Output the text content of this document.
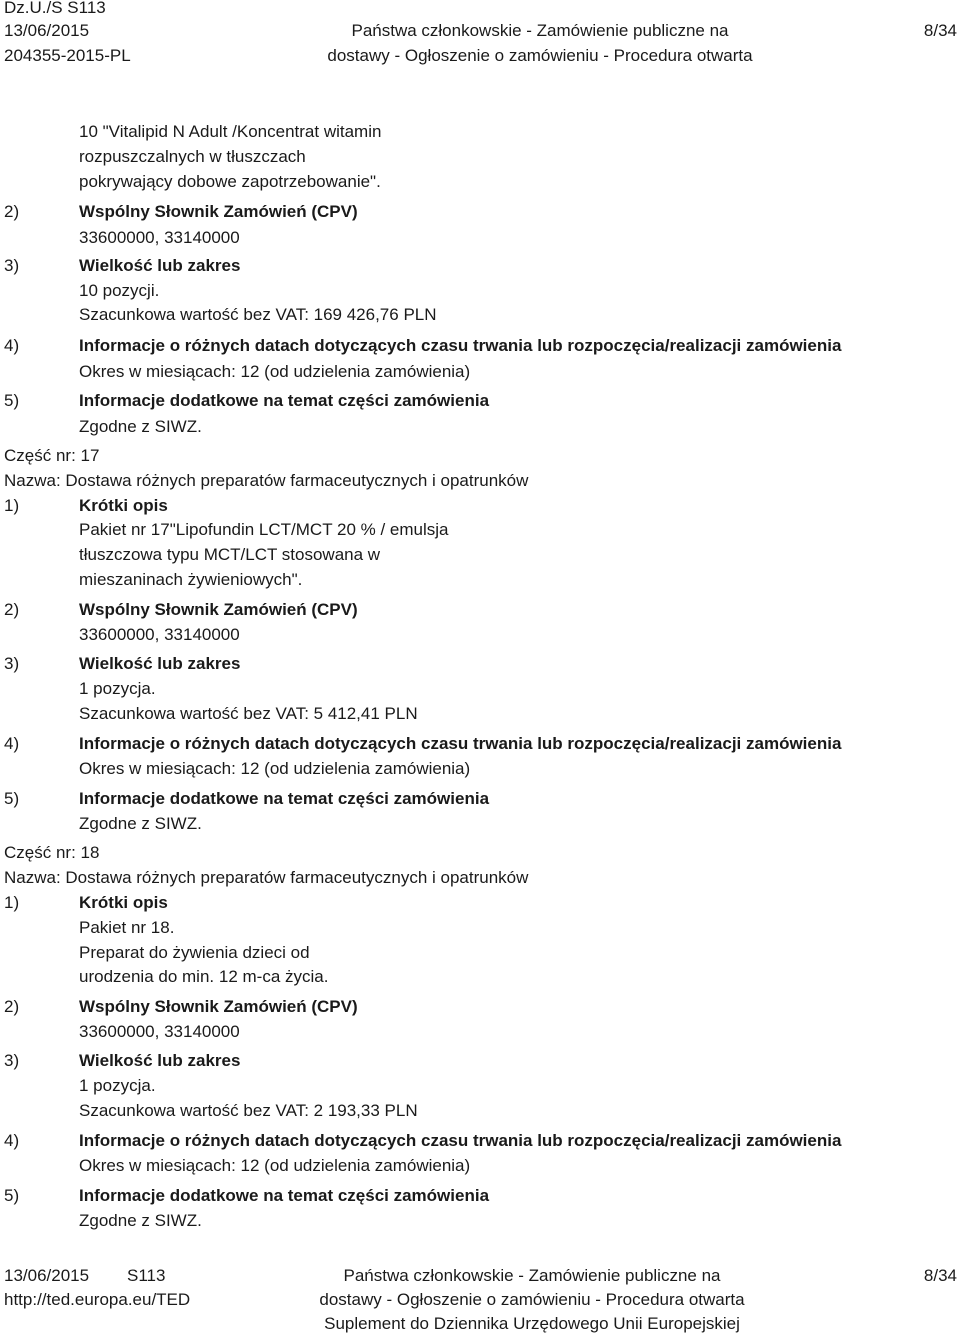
Dz.U./S S113
13/06/2015
204355-2015-PL
Państwa członkowskie - Zamówienie publiczne na
dostawy - Ogłoszenie o zamówieniu - Procedura otwarta
8/34
10 "Vitalipid N Adult /Koncentrat witamin
rozpuszczalnych w tłuszczach
pokrywający dobowe zapotrzebowanie".
2)	Wspólny Słownik Zamówień (CPV)
33600000, 33140000
3)	Wielkość lub zakres
10 pozycji.
Szacunkowa wartość bez VAT: 169 426,76 PLN
4)	Informacje o różnych datach dotyczących czasu trwania lub rozpoczęcia/realizacji zamówienia
Okres w miesiącach: 12 (od udzielenia zamówienia)
5)	Informacje dodatkowe na temat części zamówienia
Zgodne z SIWZ.
Część nr: 17
Nazwa: Dostawa różnych preparatów farmaceutycznych i opatrunków
1)	Krótki opis
Pakiet nr 17"Lipofundin LCT/MCT 20 % / emulsja
tłuszczowa typu MCT/LCT stosowana w
mieszaninach żywieniowych".
2)	Wspólny Słownik Zamówień (CPV)
33600000, 33140000
3)	Wielkość lub zakres
1 pozycja.
Szacunkowa wartość bez VAT: 5 412,41 PLN
4)	Informacje o różnych datach dotyczących czasu trwania lub rozpoczęcia/realizacji zamówienia
Okres w miesiącach: 12 (od udzielenia zamówienia)
5)	Informacje dodatkowe na temat części zamówienia
Zgodne z SIWZ.
Część nr: 18
Nazwa: Dostawa różnych preparatów farmaceutycznych i opatrunków
1)	Krótki opis
Pakiet nr 18.
Preparat do żywienia dzieci od
urodzenia do min. 12 m-ca życia.
2)	Wspólny Słownik Zamówień (CPV)
33600000, 33140000
3)	Wielkość lub zakres
1 pozycja.
Szacunkowa wartość bez VAT: 2 193,33 PLN
4)	Informacje o różnych datach dotyczących czasu trwania lub rozpoczęcia/realizacji zamówienia
Okres w miesiącach: 12 (od udzielenia zamówienia)
5)	Informacje dodatkowe na temat części zamówienia
Zgodne z SIWZ.
13/06/2015 S113
http://ted.europa.eu/TED
Państwa członkowskie - Zamówienie publiczne na
dostawy - Ogłoszenie o zamówieniu - Procedura otwarta
Suplement do Dziennika Urzędowego Unii Europejskiej
8/34
